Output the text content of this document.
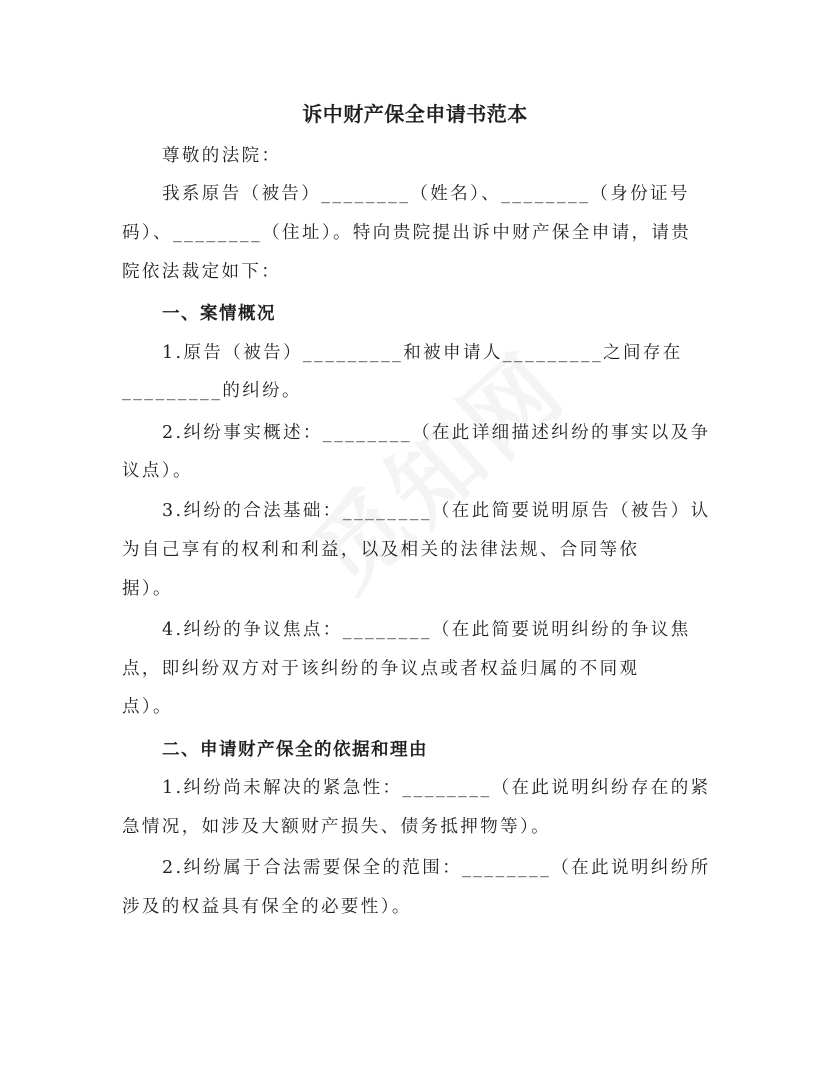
诉中财产保全申请书范本
尊敬的法院：
我系原告（被告）________（姓名）、________（身份证号
码）、________（住址）。特向贵院提出诉中财产保全申请，请贵
院依法裁定如下：
一、案情概况
1.原告（被告）_________和被申请人_________之间存在
_________的纠纷。
2.纠纷事实概述：________（在此详细描述纠纷的事实以及争
议点）。
3.纠纷的合法基础：________（在此简要说明原告（被告）认
为自己享有的权利和利益，以及相关的法律法规、合同等依
据）。
4.纠纷的争议焦点：________（在此简要说明纠纷的争议焦
点，即纠纷双方对于该纠纷的争议点或者权益归属的不同观
点）。
二、申请财产保全的依据和理由
1.纠纷尚未解决的紧急性：________（在此说明纠纷存在的紧
急情况，如涉及大额财产损失、债务抵押物等）。
2.纠纷属于合法需要保全的范围：________（在此说明纠纷所
涉及的权益具有保全的必要性）。
